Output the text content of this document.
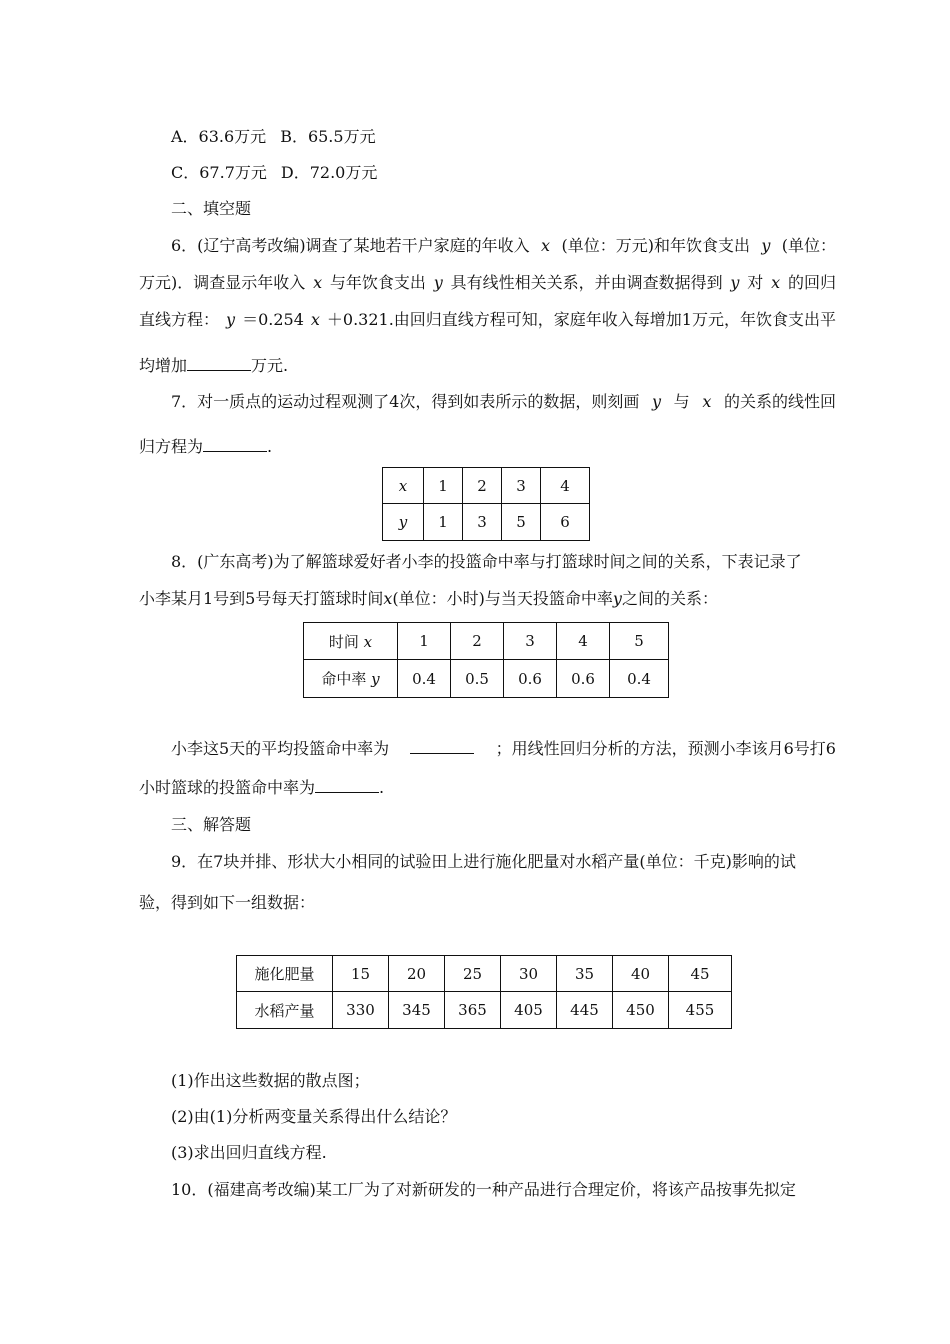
A．63.6万元 B．65.5万元
C．67.7万元 D．72.0万元
二、填空题
6．(辽宁高考改编)调查了某地若干户家庭的年收入 x (单位：万元)和年饮食支出 y (单位：
万元)．调查显示年收入 x 与年饮食支出 y 具有线性相关关系，并由调查数据得到 y 对 x 的回归
直线方程： y ＝0.254 x ＋0.321.由回归直线方程可知，家庭年收入每增加1万元，年饮食支出平
均增加	万元.
7．对一质点的运动过程观测了4次，得到如表所示的数据，则刻画 y 与 x 的关系的线性回
归方程为	.
x	1	2	3	4
y	1	3	5	6
8．(广东高考)为了解篮球爱好者小李的投篮命中率与打篮球时间之间的关系，下表记录了
小李某月1号到5号每天打篮球时间x(单位：小时)与当天投篮命中率y之间的关系：
时间 x	1	2	3	4	5
命中率 y	0.4	0.5	0.6	0.6	0.4
小李这5天的平均投篮命中率为	；用线性回归分析的方法，预测小李该月6号打6
小时篮球的投篮命中率为	.
三、解答题
9．在7块并排、形状大小相同的试验田上进行施化肥量对水稻产量(单位：千克)影响的试
验，得到如下一组数据：
施化肥量	15	20	25	30	35	40	45
水稻产量	330	345	365	405	445	450	455
(1)作出这些数据的散点图；
(2)由(1)分析两变量关系得出什么结论？
(3)求出回归直线方程.
10．(福建高考改编)某工厂为了对新研发的一种产品进行合理定价，将该产品按事先拟定
